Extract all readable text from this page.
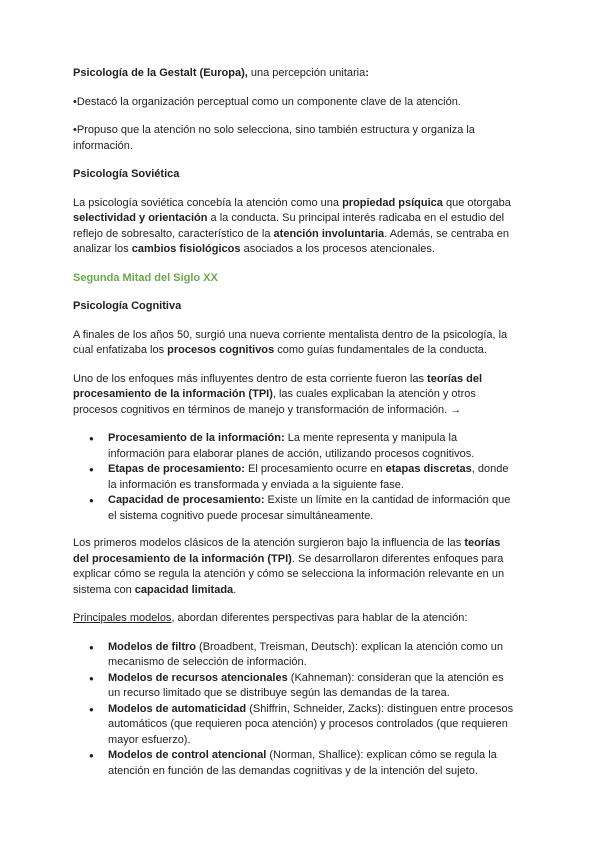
Psicología de la Gestalt (Europa), una percepción unitaria:

•Destacó la organización perceptual como un componente clave de la atención.

•Propuso que la atención no solo selecciona, sino también estructura y organiza la información.

Psicología Soviética

La psicología soviética concebía la atención como una propiedad psíquica que otorgaba selectividad y orientación a la conducta. Su principal interés radicaba en el estudio del reflejo de sobresalto, característico de la atención involuntaria. Además, se centraba en analizar los cambios fisiológicos asociados a los procesos atencionales.

Segunda Mitad del Siglo XX

Psicología Cognitiva

A finales de los años 50, surgió una nueva corriente mentalista dentro de la psicología, la cual enfatizaba los procesos cognitivos como guías fundamentales de la conducta.

Uno de los enfoques más influyentes dentro de esta corriente fueron las teorías del procesamiento de la información (TPI), las cuales explicaban la atención y otros procesos cognitivos en términos de manejo y transformación de información. →

● Procesamiento de la información: La mente representa y manipula la información para elaborar planes de acción, utilizando procesos cognitivos.
● Etapas de procesamiento: El procesamiento ocurre en etapas discretas, donde la información es transformada y enviada a la siguiente fase.
● Capacidad de procesamiento: Existe un límite en la cantidad de información que el sistema cognitivo puede procesar simultáneamente.

Los primeros modelos clásicos de la atención surgieron bajo la influencia de las teorías del procesamiento de la información (TPI). Se desarrollaron diferentes enfoques para explicar cómo se regula la atención y cómo se selecciona la información relevante en un sistema con capacidad limitada.

Principales modelos, abordan diferentes perspectivas para hablar de la atención:

● Modelos de filtro (Broadbent, Treisman, Deutsch): explican la atención como un mecanismo de selección de información.
● Modelos de recursos atencionales (Kahneman): consideran que la atención es un recurso limitado que se distribuye según las demandas de la tarea.
● Modelos de automaticidad (Shiffrin, Schneider, Zacks): distinguen entre procesos automáticos (que requieren poca atención) y procesos controlados (que requieren mayor esfuerzo).
● Modelos de control atencional (Norman, Shallice): explican cómo se regula la atención en función de las demandas cognitivas y de la intención del sujeto.
